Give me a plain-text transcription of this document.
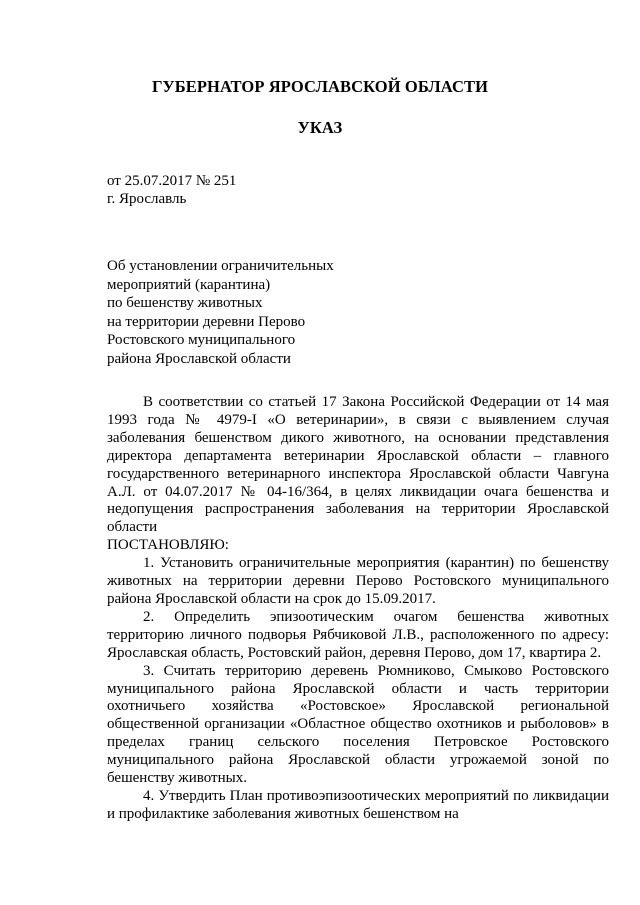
ГУБЕРНАТОР ЯРОСЛАВСКОЙ ОБЛАСТИ
УКАЗ
от 25.07.2017 № 251
г. Ярославль
Об установлении ограничительных
мероприятий (карантина)
по бешенству животных
на территории деревни Перово
Ростовского муниципального
района Ярославской области

В соответствии со статьей 17 Закона Российской Федерации от 14 мая 1993 года № 4979-I «О ветеринарии», в связи с выявлением случая заболевания бешенством дикого животного, на основании представления директора департамента ветеринарии Ярославской области – главного государственного ветеринарного инспектора Ярославской области Чавгуна А.Л. от 04.07.2017 № 04-16/364, в целях ликвидации очага бешенства и недопущения распространения заболевания на территории Ярославской области

ПОСТАНОВЛЯЮ:

1. Установить ограничительные мероприятия (карантин) по бешенству животных на территории деревни Перово Ростовского муниципального района Ярославской области на срок до 15.09.2017.

2. Определить эпизоотическим очагом бешенства животных территорию личного подворья Рябчиковой Л.В., расположенного по адресу: Ярославская область, Ростовский район, деревня Перово, дом 17, квартира 2.

3. Считать территорию деревень Рюмниково, Смыково Ростовского муниципального района Ярославской области и часть территории охотничьего хозяйства «Ростовское» Ярославской региональной общественной организации «Областное общество охотников и рыболовов» в пределах границ сельского поселения Петровское Ростовского муниципального района Ярославской области угрожаемой зоной по бешенству животных.

4. Утвердить План противоэпизоотических мероприятий по ликвидации и профилактике заболевания животных бешенством на
